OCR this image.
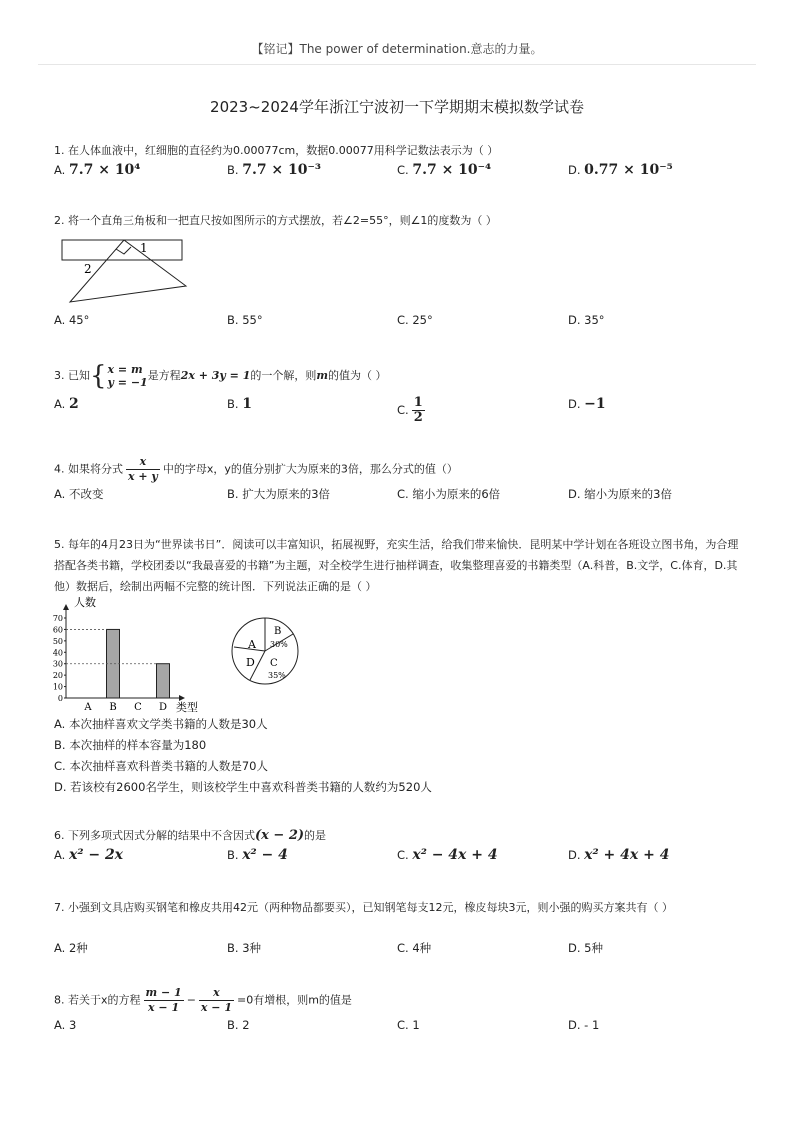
【铭记】The power of determination.意志的力量。
2023~2024学年浙江宁波初一下学期期末模拟数学试卷
1. 在人体血液中，红细胞的直径约为0.00077cm，数据0.00077用科学记数法表示为（ ）
A. 7.7 × 10⁴	B. 7.7 × 10⁻³	C. 7.7 × 10⁻⁴	D. 0.77 × 10⁻⁵
2. 将一个直角三角板和一把直尺按如图所示的方式摆放，若∠2=55°，则∠1的度数为（ ）
1
2
A. 45°	B. 55°	C. 25°	D. 35°
3. 已知{ x = m
y = −1
是方程2x + 3y = 1的一个解，则m的值为（ ）
A. 2	B. 1	C. $\frac{1}{2}$	D. −1
4. 如果将分式 $\frac{x}{x + y}$ 中的字母x，y的值分别扩大为原来的3倍，那么分式的值（）
A. 不改变	B. 扩大为原来的3倍	C. 缩小为原来的6倍	D. 缩小为原来的3倍
5. 每年的4月23日为“世界读书日”．阅读可以丰富知识，拓展视野，充实生活，给我们带来愉快．昆明某中学计划在各班设立图书角，为合理搭配各类书籍，学校团委以“我最喜爱的书籍”为主题，对全校学生进行抽样调查，收集整理喜爱的书籍类型（A.科普，B.文学，C.体育，D.其他）数据后，绘制出两幅不完整的统计图．下列说法正确的是（ ）
0
10
20
30
40
50
60
70
A B C D
人数
类型
A
B
30%
D C
35%
A. 本次抽样喜欢文学类书籍的人数是30人
B. 本次抽样的样本容量为180
C. 本次抽样喜欢科普类书籍的人数是70人
D. 若该校有2600名学生，则该校学生中喜欢科普类书籍的人数约为520人
6. 下列多项式因式分解的结果中不含因式(x − 2)的是
A. x² − 2x	B. x² − 4	C. x² − 4x + 4	D. x² + 4x + 4
7. 小强到文具店购买钢笔和橡皮共用42元（两种物品都要买），已知钢笔每支12元，橡皮每块3元，则小强的购买方案共有（ ）
A. 2种	B. 3种	C. 4种	D. 5种
8. 若关于x的方程 $\frac{m - 1}{x - 1} - \frac{x}{x - 1} =0$有增根，则m的值是
A. 3	B. 2	C. 1	D. - 1
